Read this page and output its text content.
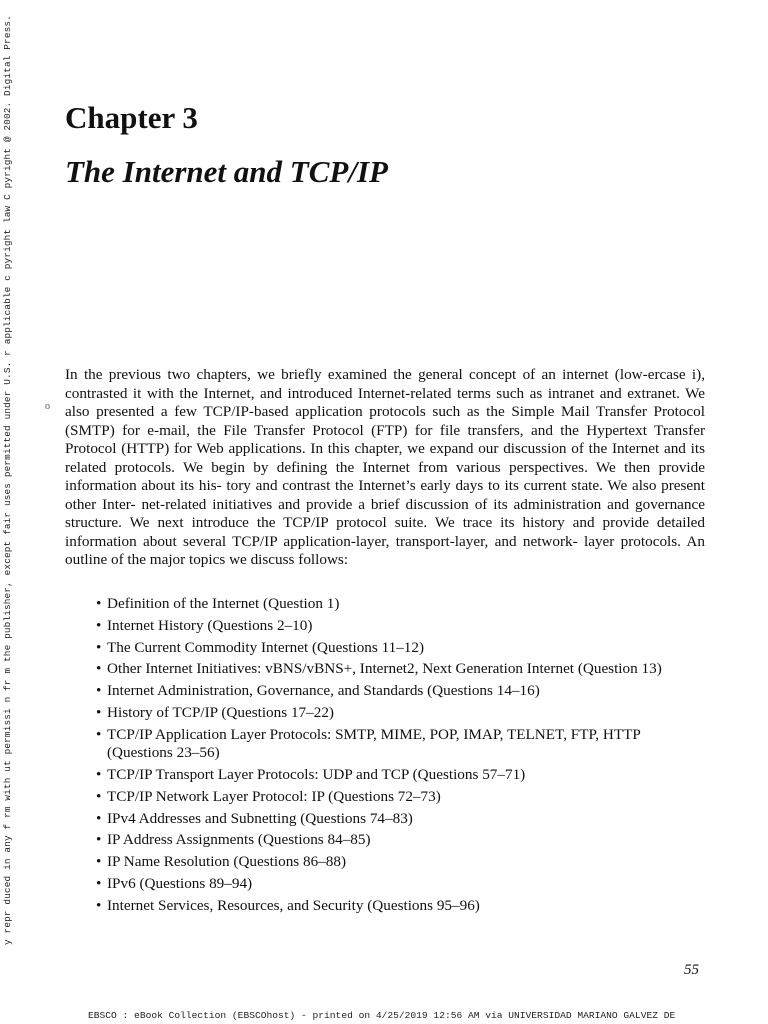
y repr duced in any f rm with ut permissi n fr m the publisher, except fair uses permitted under U.S. r applicable c pyright law C pyright @ 2002. Digital Press.	o
Chapter 3
The Internet and TCP/IP

In the previous two chapters, we briefly examined the general concept of an internet (low-ercase i), contrasted it with the Internet, and introduced Internet-related terms such as intranet and extranet. We also presented a few TCP/IP-based application protocols such as the Simple Mail Transfer Protocol (SMTP) for e-mail, the File Transfer Protocol (FTP) for file transfers, and the Hypertext Transfer Protocol (HTTP) for Web applications. In this chapter, we expand our discussion of the Internet and its related protocols. We begin by defining the Internet from various perspectives. We then provide information about its his- tory and contrast the Internet’s early days to its current state. We also present other Inter- net-related initiatives and provide a brief discussion of its administration and governance structure. We next introduce the TCP/IP protocol suite. We trace its history and provide detailed information about several TCP/IP application-layer, transport-layer, and network- layer protocols. An outline of the major topics we discuss follows:

• Definition of the Internet (Question 1)
• Internet History (Questions 2–10)
• The Current Commodity Internet (Questions 11–12)
• Other Internet Initiatives: vBNS/vBNS+, Internet2, Next Generation Internet (Question 13)
• Internet Administration, Governance, and Standards (Questions 14–16)
• History of TCP/IP (Questions 17–22)
• TCP/IP Application Layer Protocols: SMTP, MIME, POP, IMAP, TELNET, FTP, HTTP (Questions 23–56)
• TCP/IP Transport Layer Protocols: UDP and TCP (Questions 57–71)
• TCP/IP Network Layer Protocol: IP (Questions 72–73)
• IPv4 Addresses and Subnetting (Questions 74–83)
• IP Address Assignments (Questions 84–85)
• IP Name Resolution (Questions 86–88)
• IPv6 (Questions 89–94)
• Internet Services, Resources, and Security (Questions 95–96)
55
EBSCO : eBook Collection (EBSCOhost) - printed on 4/25/2019 12:56 AM via UNIVERSIDAD MARIANO GALVEZ DE
